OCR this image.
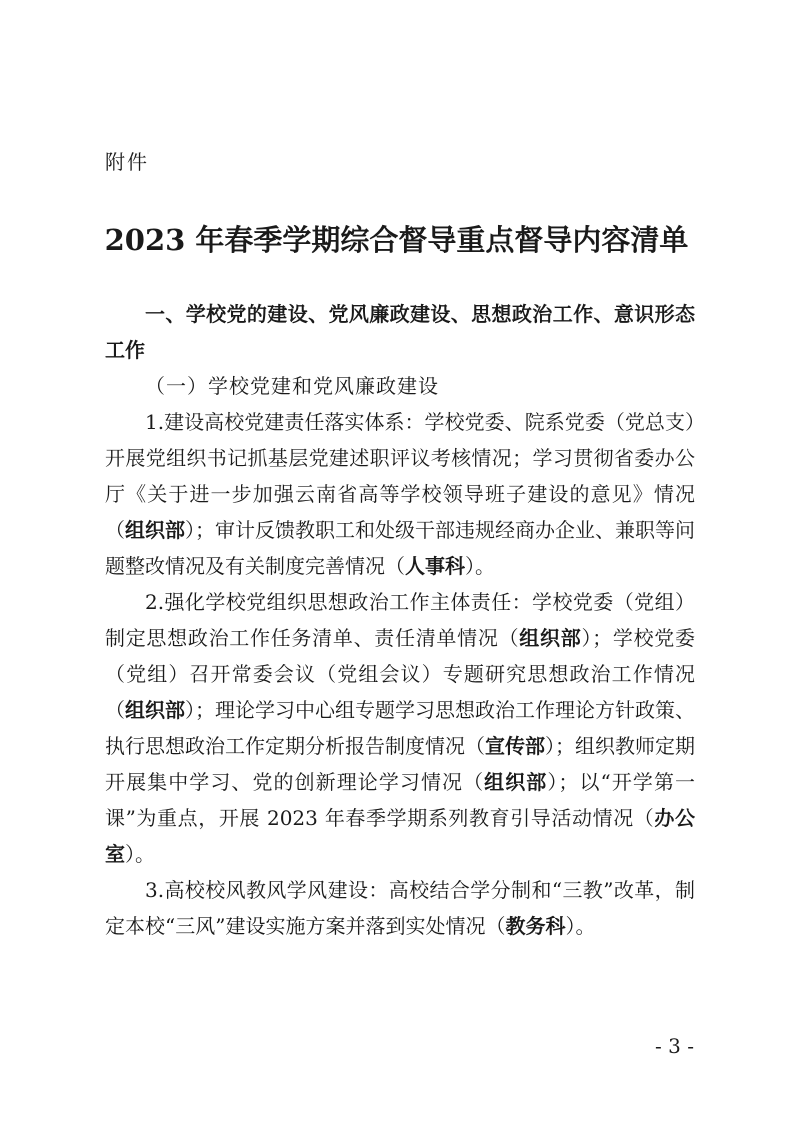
附件
2023 年春季学期综合督导重点督导内容清单

一、学校党的建设、党风廉政建设、思想政治工作、意识形态工作

（一）学校党建和党风廉政建设

1.建设高校党建责任落实体系：学校党委、院系党委（党总支）开展党组织书记抓基层党建述职评议考核情况；学习贯彻省委办公厅《关于进一步加强云南省高等学校领导班子建设的意见》情况（组织部）；审计反馈教职工和处级干部违规经商办企业、兼职等问题整改情况及有关制度完善情况（人事科）。

2.强化学校党组织思想政治工作主体责任：学校党委（党组）制定思想政治工作任务清单、责任清单情况（组织部）；学校党委（党组）召开常委会议（党组会议）专题研究思想政治工作情况（组织部）；理论学习中心组专题学习思想政治工作理论方针政策、执行思想政治工作定期分析报告制度情况（宣传部）；组织教师定期开展集中学习、党的创新理论学习情况（组织部）；以“开学第一课”为重点，开展 2023 年春季学期系列教育引导活动情况（办公室）。

3.高校校风教风学风建设：高校结合学分制和“三教”改革，制定本校“三风”建设实施方案并落到实处情况（教务科）。

- 3 -
